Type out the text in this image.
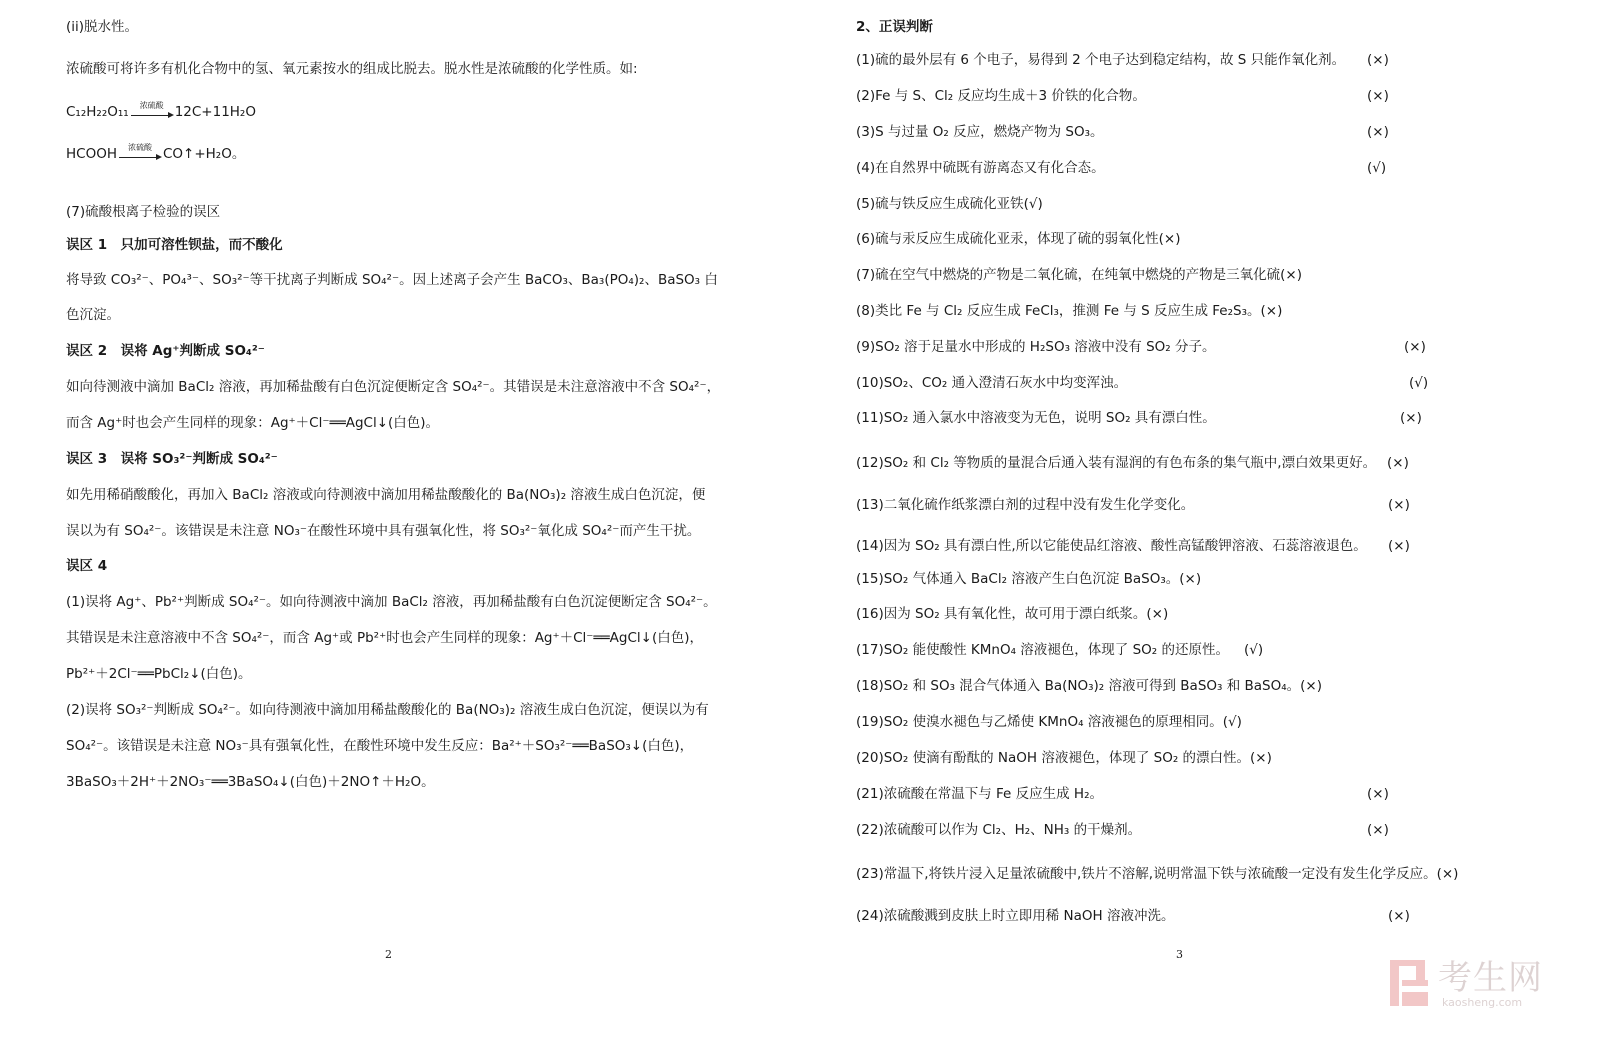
(ii)脱水性。
浓硫酸可将许多有机化合物中的氢、氧元素按水的组成比脱去。脱水性是浓硫酸的化学性质。如:
C₁₂H₂₂O₁₁	浓硫酸 12C+11H₂O
HCOOH	浓硫酸 CO↑+H₂O。
(7)硫酸根离子检验的误区
误区 1　只加可溶性钡盐，而不酸化
将导致 CO₃²⁻、PO₄³⁻、SO₃²⁻等干扰离子判断成 SO₄²⁻。因上述离子会产生 BaCO₃、Ba₃(PO₄)₂、BaSO₃ 白
色沉淀。
误区 2　误将 Ag⁺判断成 SO₄²⁻
如向待测液中滴加 BaCl₂ 溶液，再加稀盐酸有白色沉淀便断定含 SO₄²⁻。其错误是未注意溶液中不含 SO₄²⁻，
而含 Ag⁺时也会产生同样的现象：Ag⁺＋Cl⁻══AgCl↓(白色)。
误区 3　误将 SO₃²⁻判断成 SO₄²⁻
如先用稀硝酸酸化，再加入 BaCl₂ 溶液或向待测液中滴加用稀盐酸酸化的 Ba(NO₃)₂ 溶液生成白色沉淀，便
误以为有 SO₄²⁻。该错误是未注意 NO₃⁻在酸性环境中具有强氧化性，将 SO₃²⁻氧化成 SO₄²⁻而产生干扰。
误区 4
(1)误将 Ag⁺、Pb²⁺判断成 SO₄²⁻。如向待测液中滴加 BaCl₂ 溶液，再加稀盐酸有白色沉淀便断定含 SO₄²⁻。
其错误是未注意溶液中不含 SO₄²⁻，而含 Ag⁺或 Pb²⁺时也会产生同样的现象：Ag⁺＋Cl⁻══AgCl↓(白色)，
Pb²⁺＋2Cl⁻══PbCl₂↓(白色)。
(2)误将 SO₃²⁻判断成 SO₄²⁻。如向待测液中滴加用稀盐酸酸化的 Ba(NO₃)₂ 溶液生成白色沉淀，便误以为有
SO₄²⁻。该错误是未注意 NO₃⁻具有强氧化性，在酸性环境中发生反应：Ba²⁺＋SO₃²⁻══BaSO₃↓(白色)，
3BaSO₃＋2H⁺＋2NO₃⁻══3BaSO₄↓(白色)＋2NO↑＋H₂O。
2
2、正误判断
(1)硫的最外层有 6 个电子，易得到 2 个电子达到稳定结构，故 S 只能作氧化剂。 (×)
(2)Fe 与 S、Cl₂ 反应均生成＋3 价铁的化合物。	(×)
(3)S 与过量 O₂ 反应，燃烧产物为 SO₃。	(×)
(4)在自然界中硫既有游离态又有化合态。	(√)
(5)硫与铁反应生成硫化亚铁(√)
(6)硫与汞反应生成硫化亚汞，体现了硫的弱氧化性(×)
(7)硫在空气中燃烧的产物是二氧化硫，在纯氧中燃烧的产物是三氧化硫(×)
(8)类比 Fe 与 Cl₂ 反应生成 FeCl₃，推测 Fe 与 S 反应生成 Fe₂S₃。(×)
(9)SO₂ 溶于足量水中形成的 H₂SO₃ 溶液中没有 SO₂ 分子。	(×)
(10)SO₂、CO₂ 通入澄清石灰水中均变浑浊。	(√)
(11)SO₂ 通入氯水中溶液变为无色，说明 SO₂ 具有漂白性。	(×)
(12)SO₂ 和 Cl₂ 等物质的量混合后通入装有湿润的有色布条的集气瓶中,漂白效果更好。 (×)
(13)二氧化硫作纸浆漂白剂的过程中没有发生化学变化。	(×)
(14)因为 SO₂ 具有漂白性,所以它能使品红溶液、酸性高锰酸钾溶液、石蕊溶液退色。 (×)
(15)SO₂ 气体通入 BaCl₂ 溶液产生白色沉淀 BaSO₃。(×)
(16)因为 SO₂ 具有氧化性，故可用于漂白纸浆。(×)
(17)SO₂ 能使酸性 KMnO₄ 溶液褪色，体现了 SO₂ 的还原性。 (√)
(18)SO₂ 和 SO₃ 混合气体通入 Ba(NO₃)₂ 溶液可得到 BaSO₃ 和 BaSO₄。(×)
(19)SO₂ 使溴水褪色与乙烯使 KMnO₄ 溶液褪色的原理相同。(√)
(20)SO₂ 使滴有酚酞的 NaOH 溶液褪色，体现了 SO₂ 的漂白性。(×)
(21)浓硫酸在常温下与 Fe 反应生成 H₂。	(×)
(22)浓硫酸可以作为 Cl₂、H₂、NH₃ 的干燥剂。	(×)
(23)常温下,将铁片浸入足量浓硫酸中,铁片不溶解,说明常温下铁与浓硫酸一定没有发生化学反应。(×)
(24)浓硫酸溅到皮肤上时立即用稀 NaOH 溶液冲洗。	(×)
3
考生网
kaosheng.com
